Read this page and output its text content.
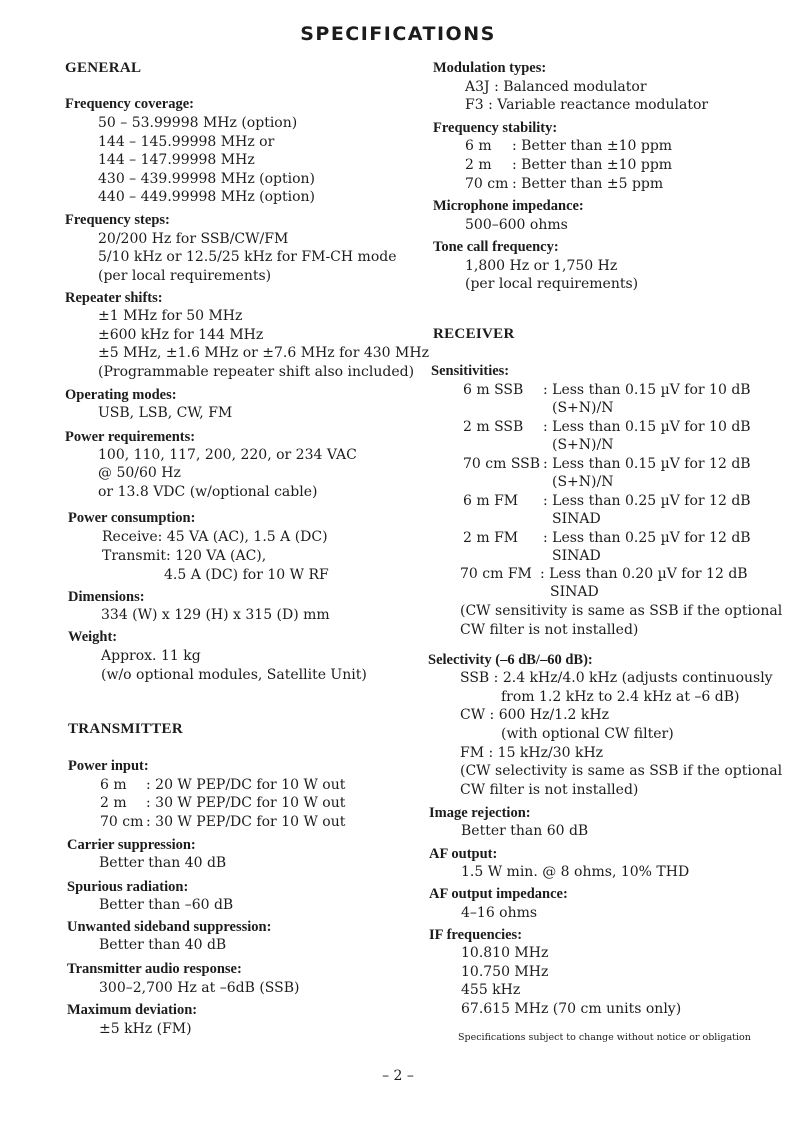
SPECIFICATIONS
GENERAL
Frequency coverage:
50 – 53.99998 MHz (option)
144 – 145.99998 MHz or
144 – 147.99998 MHz
430 – 439.99998 MHz (option)
440 – 449.99998 MHz (option)
Frequency steps:
20/200 Hz for SSB/CW/FM
5/10 kHz or 12.5/25 kHz for FM-CH mode
(per local requirements)
Repeater shifts:
±1 MHz for 50 MHz
±600 kHz for 144 MHz
±5 MHz, ±1.6 MHz or ±7.6 MHz for 430 MHz
(Programmable repeater shift also included)
Operating modes:
USB, LSB, CW, FM
Power requirements:
100, 110, 117, 200, 220, or 234 VAC
@ 50/60 Hz
or 13.8 VDC (w/optional cable)
Power consumption:
Receive: 45 VA (AC), 1.5 A (DC)
Transmit: 120 VA (AC),
4.5 A (DC) for 10 W RF
Dimensions:
334 (W) x 129 (H) x 315 (D) mm
Weight:
Approx. 11 kg
(w/o optional modules, Satellite Unit)
TRANSMITTER
Power input:
6 m : 20 W PEP/DC for 10 W out
2 m : 30 W PEP/DC for 10 W out
70 cm : 30 W PEP/DC for 10 W out
Carrier suppression:
Better than 40 dB
Spurious radiation:
Better than –60 dB
Unwanted sideband suppression:
Better than 40 dB
Transmitter audio response:
300–2,700 Hz at –6dB (SSB)
Maximum deviation:
±5 kHz (FM)
Modulation types:
A3J : Balanced modulator
F3 : Variable reactance modulator
Frequency stability:
6 m : Better than ±10 ppm
2 m : Better than ±10 ppm
70 cm : Better than ±5 ppm
Microphone impedance:
500–600 ohms
Tone call frequency:
1,800 Hz or 1,750 Hz
(per local requirements)
RECEIVER
Sensitivities:
6 m SSB : Less than 0.15 µV for 10 dB
(S+N)/N
2 m SSB : Less than 0.15 µV for 10 dB
(S+N)/N
70 cm SSB : Less than 0.15 µV for 12 dB
(S+N)/N
6 m FM : Less than 0.25 µV for 12 dB
SINAD
2 m FM : Less than 0.25 µV for 12 dB
SINAD
70 cm FM : Less than 0.20 µV for 12 dB
SINAD
(CW sensitivity is same as SSB if the optional
CW filter is not installed)
Selectivity (–6 dB/–60 dB):
SSB : 2.4 kHz/4.0 kHz (adjusts continuously
from 1.2 kHz to 2.4 kHz at –6 dB)
CW : 600 Hz/1.2 kHz
(with optional CW filter)
FM : 15 kHz/30 kHz
(CW selectivity is same as SSB if the optional
CW filter is not installed)
Image rejection:
Better than 60 dB
AF output:
1.5 W min. @ 8 ohms, 10% THD
AF output impedance:
4–16 ohms
IF frequencies:
10.810 MHz
10.750 MHz
455 kHz
67.615 MHz (70 cm units only)
Specifications subject to change without notice or obligation
– 2 –
